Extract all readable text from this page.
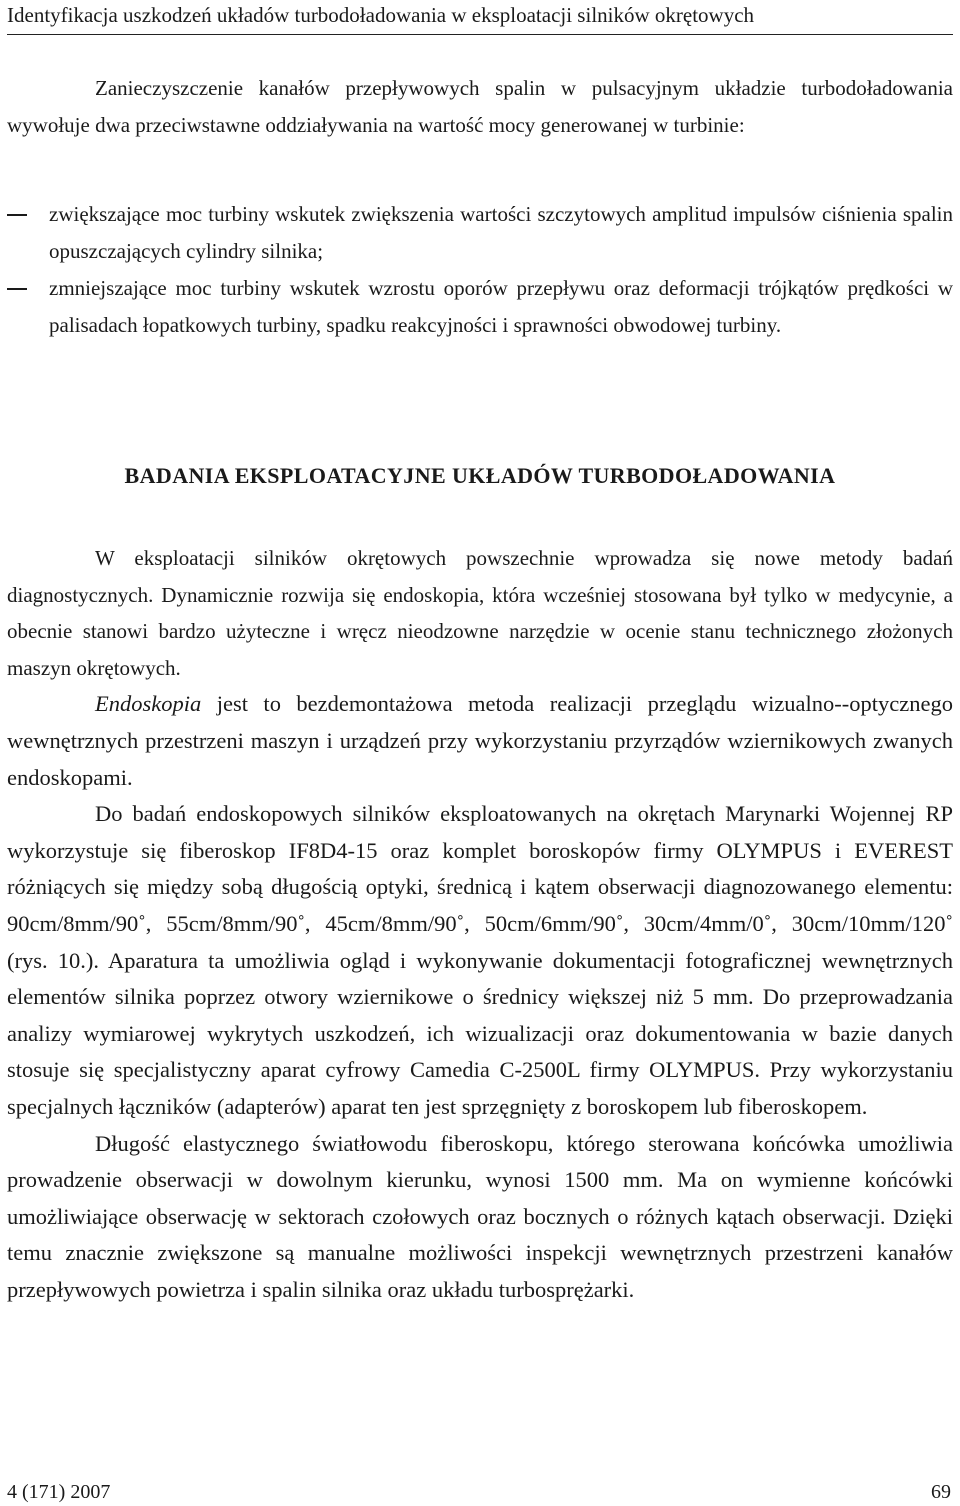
Identyfikacja uszkodzeń układów turbodoładowania w eksploatacji silników okrętowych
Zanieczyszczenie kanałów przepływowych spalin w pulsacyjnym układzie turbodoładowania wywołuje dwa przeciwstawne oddziaływania na wartość mocy generowanej w turbinie:
zwiększające moc turbiny wskutek zwiększenia wartości szczytowych amplitud impulsów ciśnienia spalin opuszczających cylindry silnika;
zmniejszające moc turbiny wskutek wzrostu oporów przepływu oraz deformacji trójkątów prędkości w palisadach łopatkowych turbiny, spadku reakcyjności i sprawności obwodowej turbiny.
BADANIA EKSPLOATACYJNE UKŁADÓW TURBODOŁADOWANIA

W eksploatacji silników okrętowych powszechnie wprowadza się nowe metody badań diagnostycznych. Dynamicznie rozwija się endoskopia, która wcześniej stosowana był tylko w medycynie, a obecnie stanowi bardzo użyteczne i wręcz nieodzowne narzędzie w ocenie stanu technicznego złożonych maszyn okrętowych.

Endoskopia jest to bezdemontażowa metoda realizacji przeglądu wizualno--optycznego wewnętrznych przestrzeni maszyn i urządzeń przy wykorzystaniu przyrządów wziernikowych zwanych endoskopami.

Do badań endoskopowych silników eksploatowanych na okrętach Marynarki Wojennej RP wykorzystuje się fiberoskop IF8D4-15 oraz komplet boroskopów firmy OLYMPUS i EVEREST różniących się między sobą długością optyki, średnicą i kątem obserwacji diagnozowanego elementu: 90cm/8mm/90˚, 55cm/8mm/90˚, 45cm/8mm/90˚, 50cm/6mm/90˚, 30cm/4mm/0˚, 30cm/10mm/120˚ (rys. 10.). Aparatura ta umożliwia ogląd i wykonywanie dokumentacji fotograficznej wewnętrznych elementów silnika poprzez otwory wziernikowe o średnicy większej niż 5 mm. Do przeprowadzania analizy wymiarowej wykrytych uszkodzeń, ich wizualizacji oraz dokumentowania w bazie danych stosuje się specjalistyczny aparat cyfrowy Camedia C-2500L firmy OLYMPUS. Przy wykorzystaniu specjalnych łączników (adapterów) aparat ten jest sprzęgnięty z boroskopem lub fiberoskopem.

Długość elastycznego światłowodu fiberoskopu, którego sterowana końcówka umożliwia prowadzenie obserwacji w dowolnym kierunku, wynosi 1500 mm. Ma on wymienne końcówki umożliwiające obserwację w sektorach czołowych oraz bocznych o różnych kątach obserwacji. Dzięki temu znacznie zwiększone są manualne możliwości inspekcji wewnętrznych przestrzeni kanałów przepływowych powietrza i spalin silnika oraz układu turbosprężarki.

4 (171) 2007	69
